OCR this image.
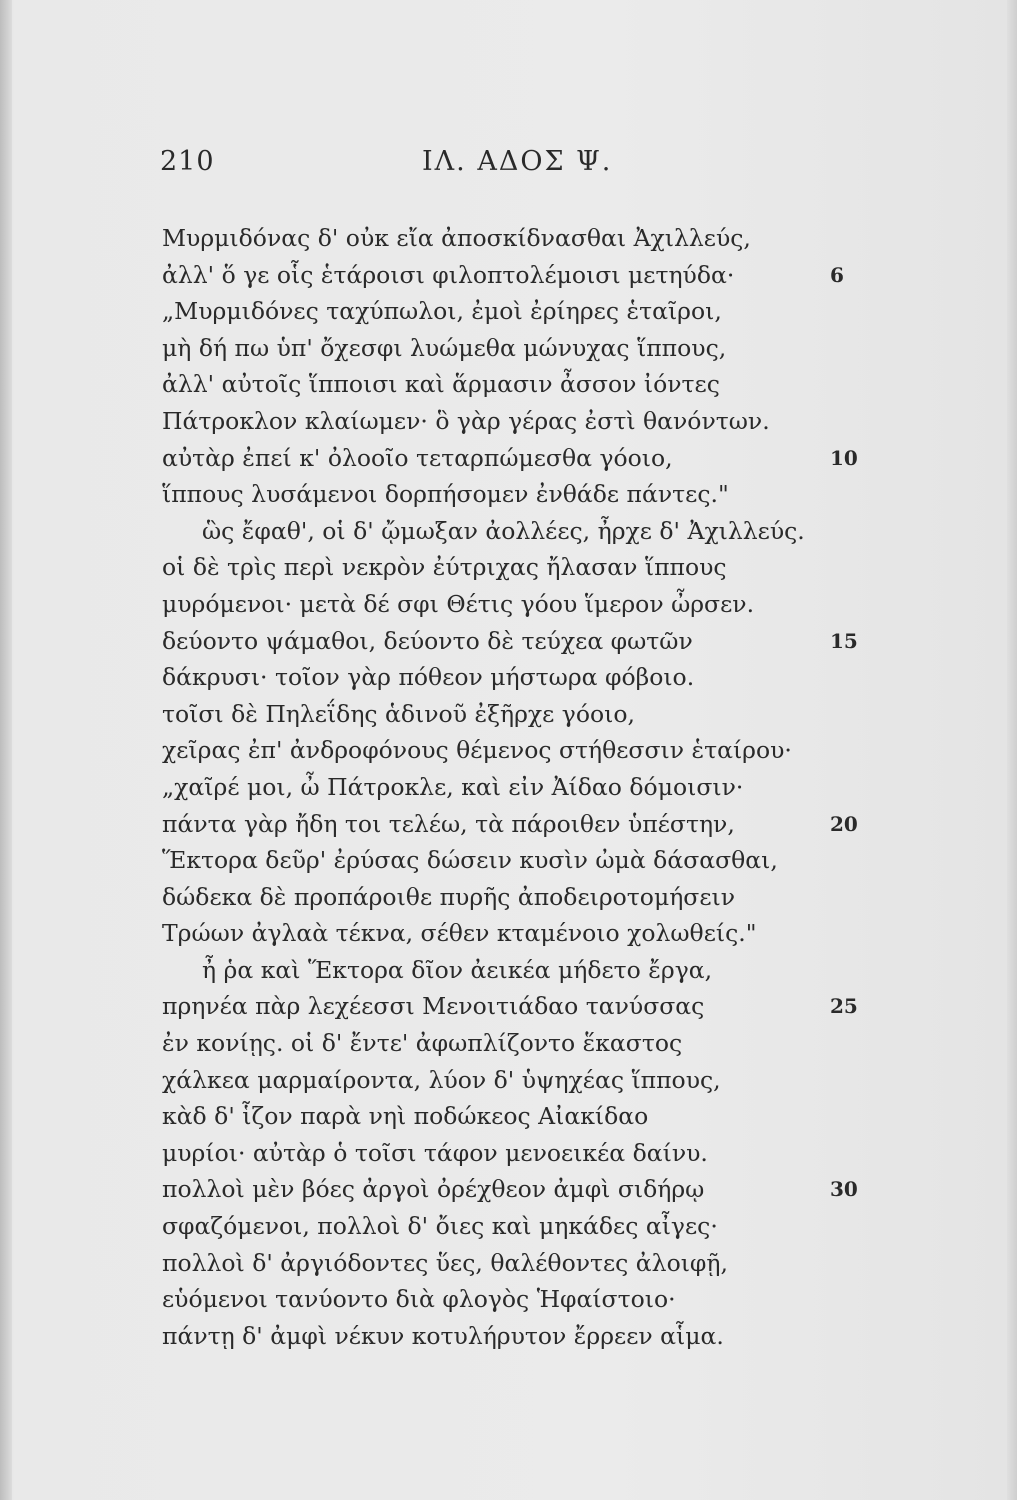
210	ΙΛ. ΑΔΟΣ Ψ.
Μυρμιδόνας δ' οὐκ εἴα ἀποσκίδνασθαι Ἀχιλλεύς,
ἀλλ' ὅ γε οἷς ἑτάροισι φιλοπτολέμοισι μετηύδα·	6
„Μυρμιδόνες ταχύπωλοι, ἐμοὶ ἐρίηρες ἑταῖροι,
μὴ δή πω ὑπ' ὄχεσφι λυώμεθα μώνυχας ἵππους,
ἀλλ' αὐτοῖς ἵπποισι καὶ ἅρμασιν ἆσσον ἰόντες
Πάτροκλον κλαίωμεν· ὃ γὰρ γέρας ἐστὶ θανόντων.
αὐτὰρ ἐπεί κ' ὀλοοῖο τεταρπώμεσθα γόοιο,	10
ἵππους λυσάμενοι δορπήσομεν ἐνθάδε πάντες."
ὣς ἔφαθ', οἱ δ' ᾤμωξαν ἀολλέες, ἦρχε δ' Ἀχιλλεύς.
οἱ δὲ τρὶς περὶ νεκρὸν ἐύτριχας ἤλασαν ἵππους
μυρόμενοι· μετὰ δέ σφι Θέτις γόου ἵμερον ὦρσεν.
δεύοντο ψάμαθοι, δεύοντο δὲ τεύχεα φωτῶν	15
δάκρυσι· τοῖον γὰρ πόθεον μήστωρα φόβοιο.
τοῖσι δὲ Πηλεΐδης ἁδινοῦ ἐξῆρχε γόοιο,
χεῖρας ἐπ' ἀνδροφόνους θέμενος στήθεσσιν ἑταίρου·
„χαῖρέ μοι, ὦ Πάτροκλε, καὶ εἰν Ἀίδαο δόμοισιν·
πάντα γὰρ ἤδη τοι τελέω, τὰ πάροιθεν ὑπέστην,	20
Ἕκτορα δεῦρ' ἐρύσας δώσειν κυσὶν ὠμὰ δάσασθαι,
δώδεκα δὲ προπάροιθε πυρῆς ἀποδειροτομήσειν
Τρώων ἀγλαὰ τέκνα, σέθεν κταμένοιο χολωθείς."
ἦ ῥα καὶ Ἕκτορα δῖον ἀεικέα μήδετο ἔργα,
πρηνέα πὰρ λεχέεσσι Μενοιτιάδαο τανύσσας	25
ἐν κονίῃς. οἱ δ' ἔντε' ἀφωπλίζοντο ἕκαστος
χάλκεα μαρμαίροντα, λύον δ' ὑψηχέας ἵππους,
κὰδ δ' ἷζον παρὰ νηὶ ποδώκεος Αἰακίδαο
μυρίοι· αὐτὰρ ὁ τοῖσι τάφον μενοεικέα δαίνυ.
πολλοὶ μὲν βόες ἀργοὶ ὀρέχθεον ἀμφὶ σιδήρῳ	30
σφαζόμενοι, πολλοὶ δ' ὄιες καὶ μηκάδες αἶγες·
πολλοὶ δ' ἀργιόδοντες ὕες, θαλέθοντες ἀλοιφῇ,
εὑόμενοι τανύοντο διὰ φλογὸς Ἡφαίστοιο·
πάντῃ δ' ἀμφὶ νέκυν κοτυλήρυτον ἔρρεεν αἷμα.
